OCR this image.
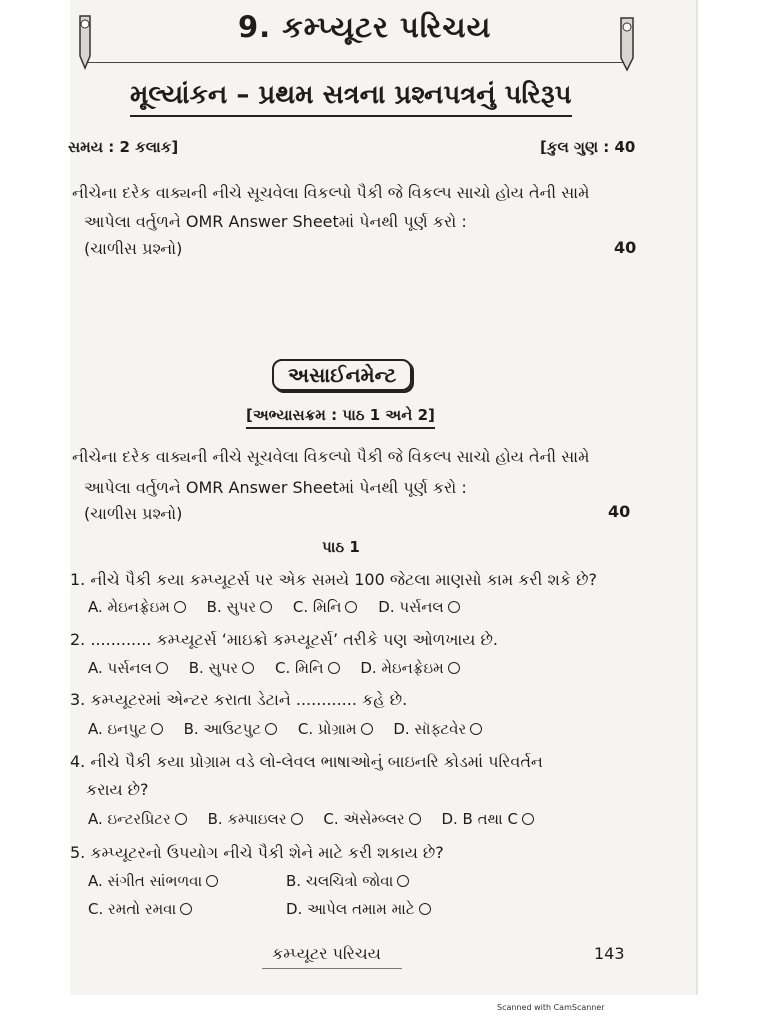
9. કમ્પ્યૂટર પરિચય
મૂલ્યાંકન – પ્રથમ સત્રના પ્રશ્નપત્રનું પરિરૂપ
સમય : 2 કલાક]	[કુલ ગુણ : 40
નીચેના દરેક વાક્યની નીચે સૂચવેલા વિકલ્પો પૈકી જે વિકલ્પ સાચો હોય તેની સામે
આપેલા વર્તુળને OMR Answer Sheetમાં પેનથી પૂર્ણ કરો :
(ચાળીસ પ્રશ્નો)	40
અસાઈનમેન્ટ
[અભ્યાસક્રમ : પાઠ 1 અને 2]
નીચેના દરેક વાક્યની નીચે સૂચવેલા વિકલ્પો પૈકી જે વિકલ્પ સાચો હોય તેની સામે
આપેલા વર્તુળને OMR Answer Sheetમાં પેનથી પૂર્ણ કરો :
(ચાળીસ પ્રશ્નો)	40
પાઠ 1
1. નીચે પૈકી કયા કમ્પ્યૂટર્સ પર એક સમયે 100 જેટલા માણસો કામ કરી શકે છે?
A. મેઇનફ્રેઇમ B. સુપર C. મિનિ D. પર્સનલ
2. ............ કમ્પ્યૂટર્સ ‘માઇક્રો કમ્પ્યૂટર્સ’ તરીકે પણ ઓળખાય છે.
A. પર્સનલ B. સુપર C. મિનિ D. મેઇનફ્રેઇમ
3. કમ્પ્યૂટરમાં એન્ટર કરાતા ડેટાને ............ કહે છે.
A. ઇનપુટ B. આઉટપુટ C. પ્રોગ્રામ D. સૉફ્ટવેર
4. નીચે પૈકી કયા પ્રોગ્રામ વડે લો-લેવલ ભાષાઓનું બાઇનરિ કોડમાં પરિવર્તન
કરાય છે?
A. ઇન્ટરપ્રિટર B. કમ્પાઇલર C. ઍસેમ્બ્લર D. B તથા C
5. કમ્પ્યૂટરનો ઉપયોગ નીચે પૈકી શેને માટે કરી શકાય છે?
A. સંગીત સાંભળવા	B. ચલચિત્રો જોવા
C. રમતો રમવા	D. આપેલ તમામ માટે
કમ્પ્યૂટર પરિચય	143
Scanned with CamScanner
